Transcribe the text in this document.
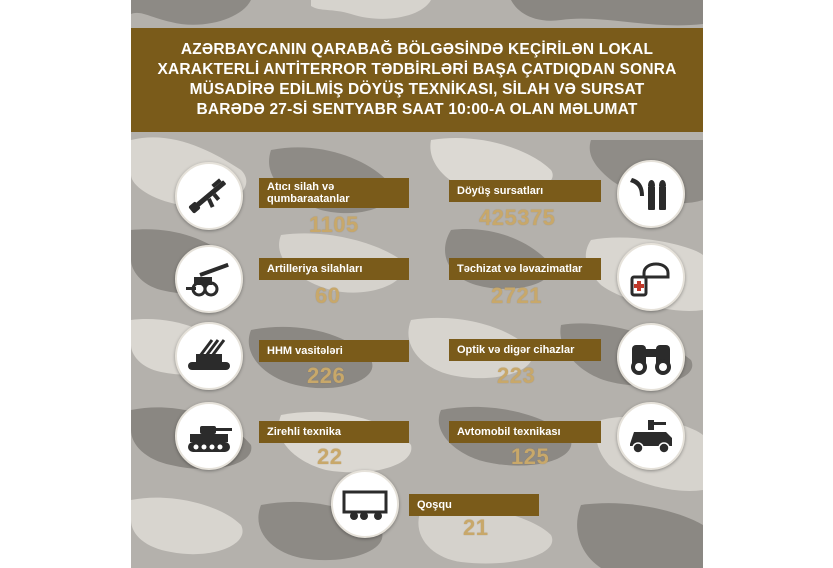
AZƏRBAYCANIN QARABAĞ BÖLGƏSİNDƏ KEÇİRİLƏN LOKAL XARAKTERLİ ANTİTERROR TƏDBİRLƏRİ BAŞA ÇATDIQDAN SONRA MÜSADİRƏ EDİLMİŞ DÖYÜŞ TEXNİKASI, SİLAH VƏ SURSAT BARƏDƏ 27-Sİ SENTYABR SAAT 10:00-A OLAN MƏLUMAT
Atıcı silah və qumbaraatanlar
1105
Döyüş sursatları
425375
Artilleriya silahları
60
Təchizat və ləvazimatlar
2721
HHM vasitələri
226
Optik və digər cihazlar
223
Zirehli texnika
22
Avtomobil texnikası
125
Qoşqu
21
